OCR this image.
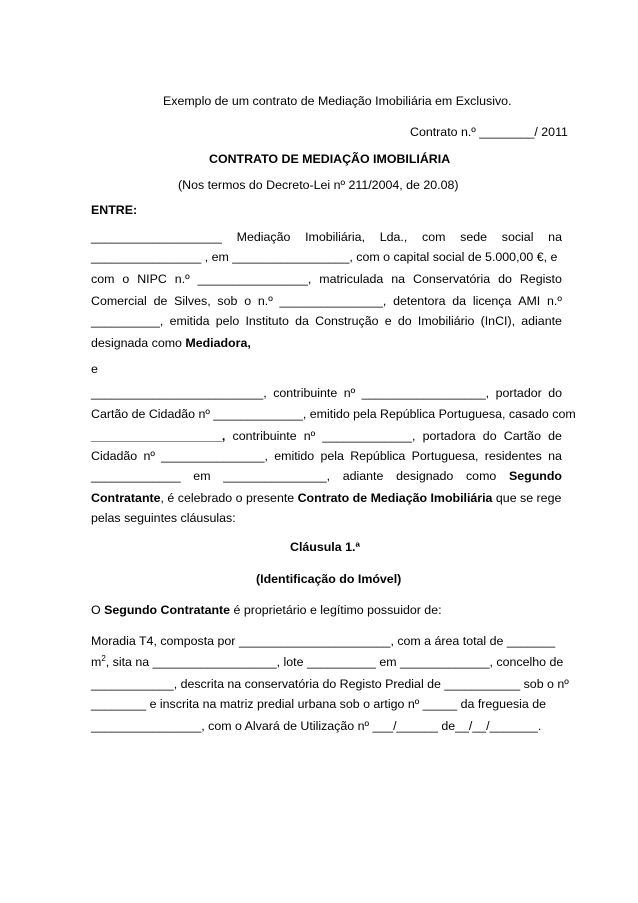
Exemplo de um contrato de Mediação Imobiliária em Exclusivo.
Contrato n.º ________/ 2011
CONTRATO DE MEDIAÇÃO IMOBILIÁRIA
(Nos termos do Decreto-Lei nº 211/2004, de 20.08)
ENTRE:
___________________ Mediação Imobiliária, Lda., com sede social na
________________ , em _________________, com o capital social de 5.000,00 €, e
com o NIPC n.º ________________, matriculada na Conservatória do Registo
Comercial de Silves, sob o n.º _______________, detentora da licença AMI n.º
__________, emitida pelo Instituto da Construção e do Imobiliário (InCI), adiante
designada como Mediadora,
e
_________________________, contribuinte nº __________________, portador do
Cartão de Cidadão nº _____________, emitido pela República Portuguesa, casado com
___________________, contribuinte nº _____________, portadora do Cartão de
Cidadão nº _______________, emitido pela República Portuguesa, residentes na
_____________ em _______________, adiante designado como Segundo
Contratante, é celebrado o presente Contrato de Mediação Imobiliária que se rege
pelas seguintes cláusulas:
Cláusula 1.ª
(Identificação do Imóvel)
O Segundo Contratante é proprietário e legítimo possuidor de:
Moradia T4, composta por ______________________, com a área total de _______
$m^2$, sita na __________________, lote __________ em _____________, concelho de
____________, descrita na conservatória do Registo Predial de ___________ sob o nº
________ e inscrita na matriz predial urbana sob o artigo nº _____ da freguesia de
________________, com o Alvará de Utilização nº ___/______ de__/__/_______.
